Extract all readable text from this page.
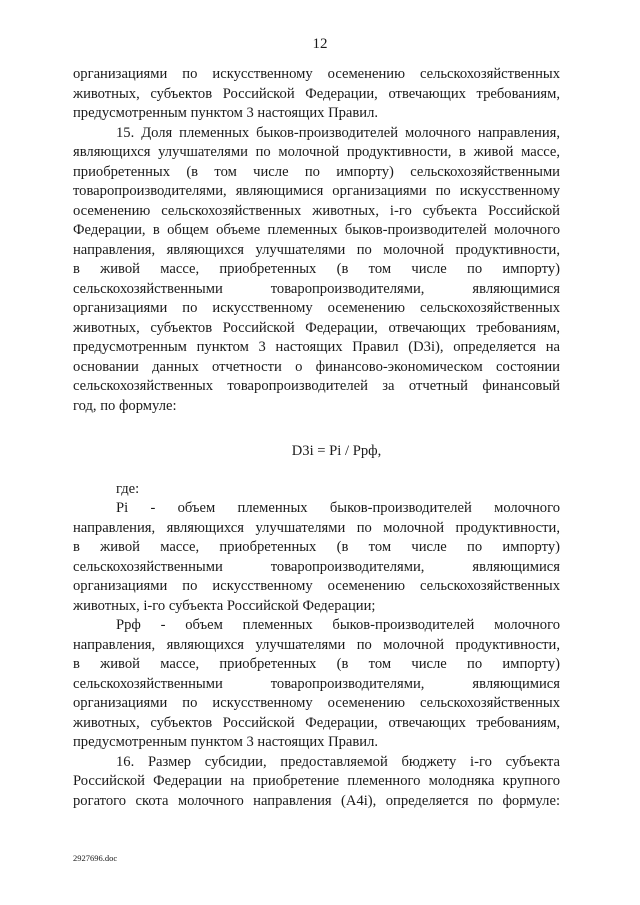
12
организациями по искусственному осеменению сельскохозяйственных
животных, субъектов Российской Федерации, отвечающих требованиям,
предусмотренным пунктом 3 настоящих Правил.
15. Доля племенных быков-производителей молочного направления,
являющихся улучшателями по молочной продуктивности, в живой массе,
приобретенных (в том числе по импорту) сельскохозяйственными
товаропроизводителями, являющимися организациями по искусственному
осеменению сельскохозяйственных животных, i-го субъекта Российской
Федерации, в общем объеме племенных быков-производителей молочного
направления, являющихся улучшателями по молочной продуктивности,
в живой массе, приобретенных (в том числе по импорту)
сельскохозяйственными товаропроизводителями, являющимися
организациями по искусственному осеменению сельскохозяйственных
животных, субъектов Российской Федерации, отвечающих требованиям,
предусмотренным пунктом 3 настоящих Правил (D3i), определяется на
основании данных отчетности о финансово-экономическом состоянии
сельскохозяйственных товаропроизводителей за отчетный финансовый
год, по формуле:
D3i = Pi / Pрф,
где:
Pi - объем племенных быков-производителей молочного
направления, являющихся улучшателями по молочной продуктивности,
в живой массе, приобретенных (в том числе по импорту)
сельскохозяйственными товаропроизводителями, являющимися
организациями по искусственному осеменению сельскохозяйственных
животных, i-го субъекта Российской Федерации;
Pрф - объем племенных быков-производителей молочного
направления, являющихся улучшателями по молочной продуктивности,
в живой массе, приобретенных (в том числе по импорту)
сельскохозяйственными товаропроизводителями, являющимися
организациями по искусственному осеменению сельскохозяйственных
животных, субъектов Российской Федерации, отвечающих требованиям,
предусмотренным пунктом 3 настоящих Правил.
16. Размер субсидии, предоставляемой бюджету i-го субъекта
Российской Федерации на приобретение племенного молодняка крупного
рогатого скота молочного направления (A4i), определяется по формуле:
2927696.doc
